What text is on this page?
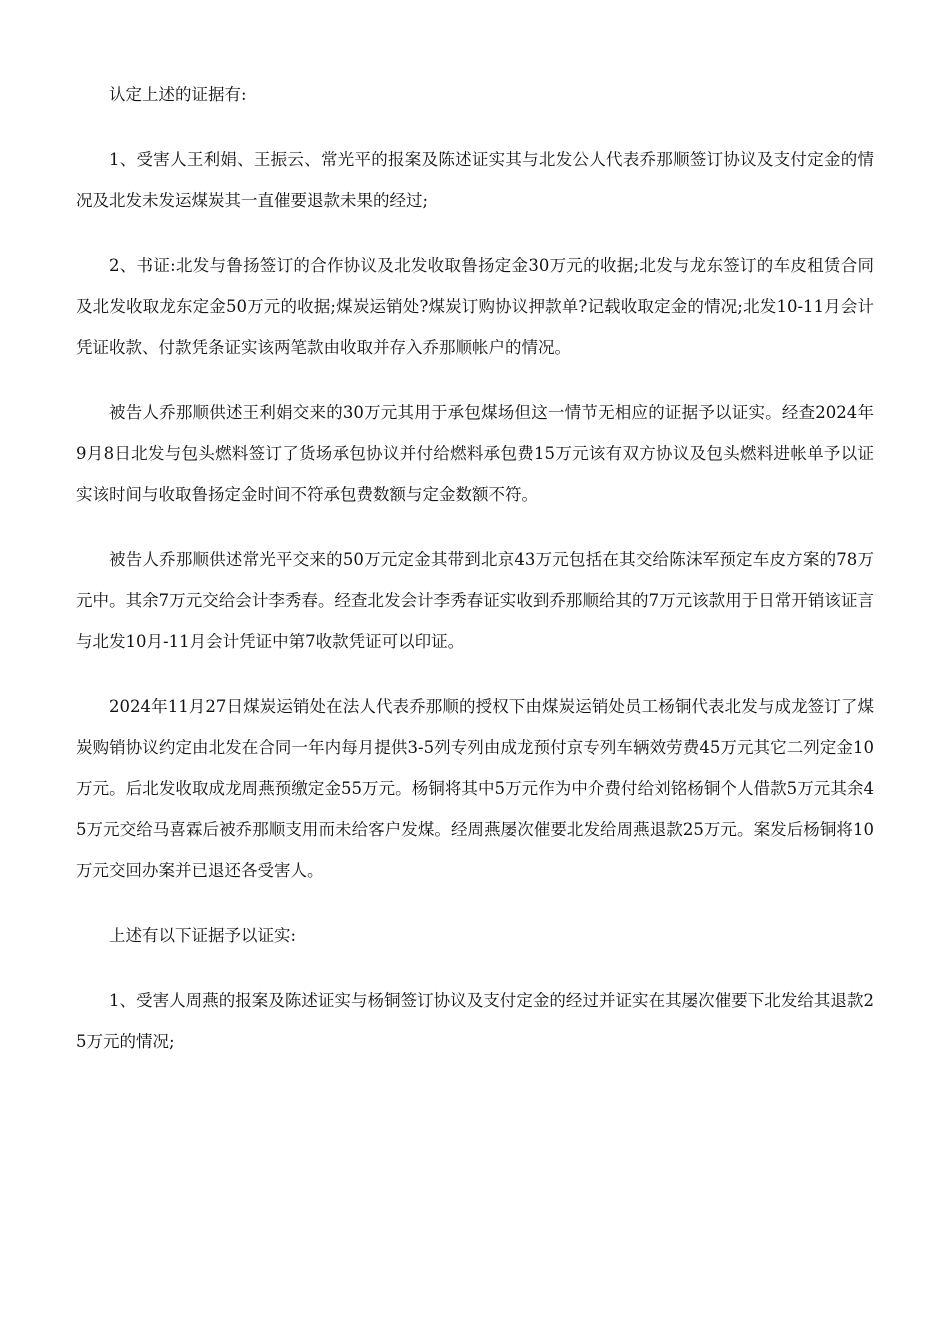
认定上述的证据有:

1、受害人王利娟、王振云、常光平的报案及陈述证实其与北发公人代表乔那顺签订协议及支付定金的情况及北发未发运煤炭其一直催要退款未果的经过;

2、书证:北发与鲁扬签订的合作协议及北发收取鲁扬定金30万元的收据;北发与龙东签订的车皮租赁合同及北发收取龙东定金50万元的收据;煤炭运销处?煤炭订购协议押款单?记载收取定金的情况;北发10-11月会计凭证收款、付款凭条证实该两笔款由收取并存入乔那顺帐户的情况。

被告人乔那顺供述王利娟交来的30万元其用于承包煤场但这一情节无相应的证据予以证实。经查2024年9月8日北发与包头燃料签订了货场承包协议并付给燃料承包费15万元该有双方协议及包头燃料进帐单予以证实该时间与收取鲁扬定金时间不符承包费数额与定金数额不符。

被告人乔那顺供述常光平交来的50万元定金其带到北京43万元包括在其交给陈沫军预定车皮方案的78万元中。其余7万元交给会计李秀春。经查北发会计李秀春证实收到乔那顺给其的7万元该款用于日常开销该证言与北发10月-11月会计凭证中第7收款凭证可以印证。

2024年11月27日煤炭运销处在法人代表乔那顺的授权下由煤炭运销处员工杨铜代表北发与成龙签订了煤炭购销协议约定由北发在合同一年内每月提供3-5列专列由成龙预付京专列车辆效劳费45万元其它二列定金10万元。后北发收取成龙周燕预缴定金55万元。杨铜将其中5万元作为中介费付给刘铭杨铜个人借款5万元其余45万元交给马喜霖后被乔那顺支用而未给客户发煤。经周燕屡次催要北发给周燕退款25万元。案发后杨铜将10万元交回办案并已退还各受害人。

上述有以下证据予以证实:

1、受害人周燕的报案及陈述证实与杨铜签订协议及支付定金的经过并证实在其屡次催要下北发给其退款25万元的情况;
